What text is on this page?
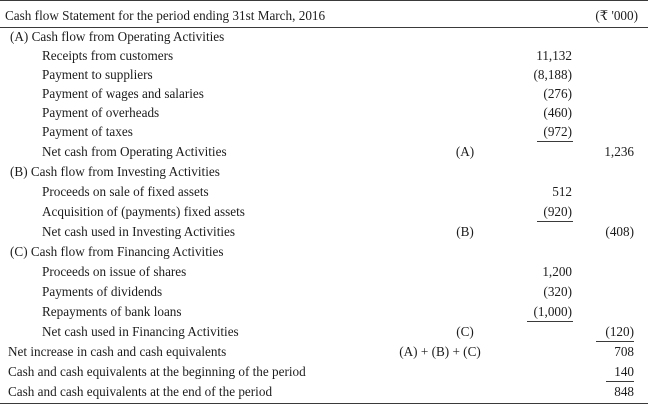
Cash flow Statement for the period ending 31st March, 2016	(₹ '000)
(A) Cash flow from Operating Activities
Receipts from customers	11,132
Payment to suppliers	(8,188)
Payment of wages and salaries	(276)
Payment of overheads	(460)
Payment of taxes	(972)
Net cash from Operating Activities	(A)	1,236
(B) Cash flow from Investing Activities
Proceeds on sale of fixed assets	512
Acquisition of (payments) fixed assets	(920)
Net cash used in Investing Activities	(B)	(408)
(C) Cash flow from Financing Activities
Proceeds on issue of shares	1,200
Payments of dividends	(320)
Repayments of bank loans	(1,000)
Net cash used in Financing Activities	(C)	(120)
Net increase in cash and cash equivalents	(A) + (B) + (C)	708
Cash and cash equivalents at the beginning of the period	140
Cash and cash equivalents at the end of the period	848
